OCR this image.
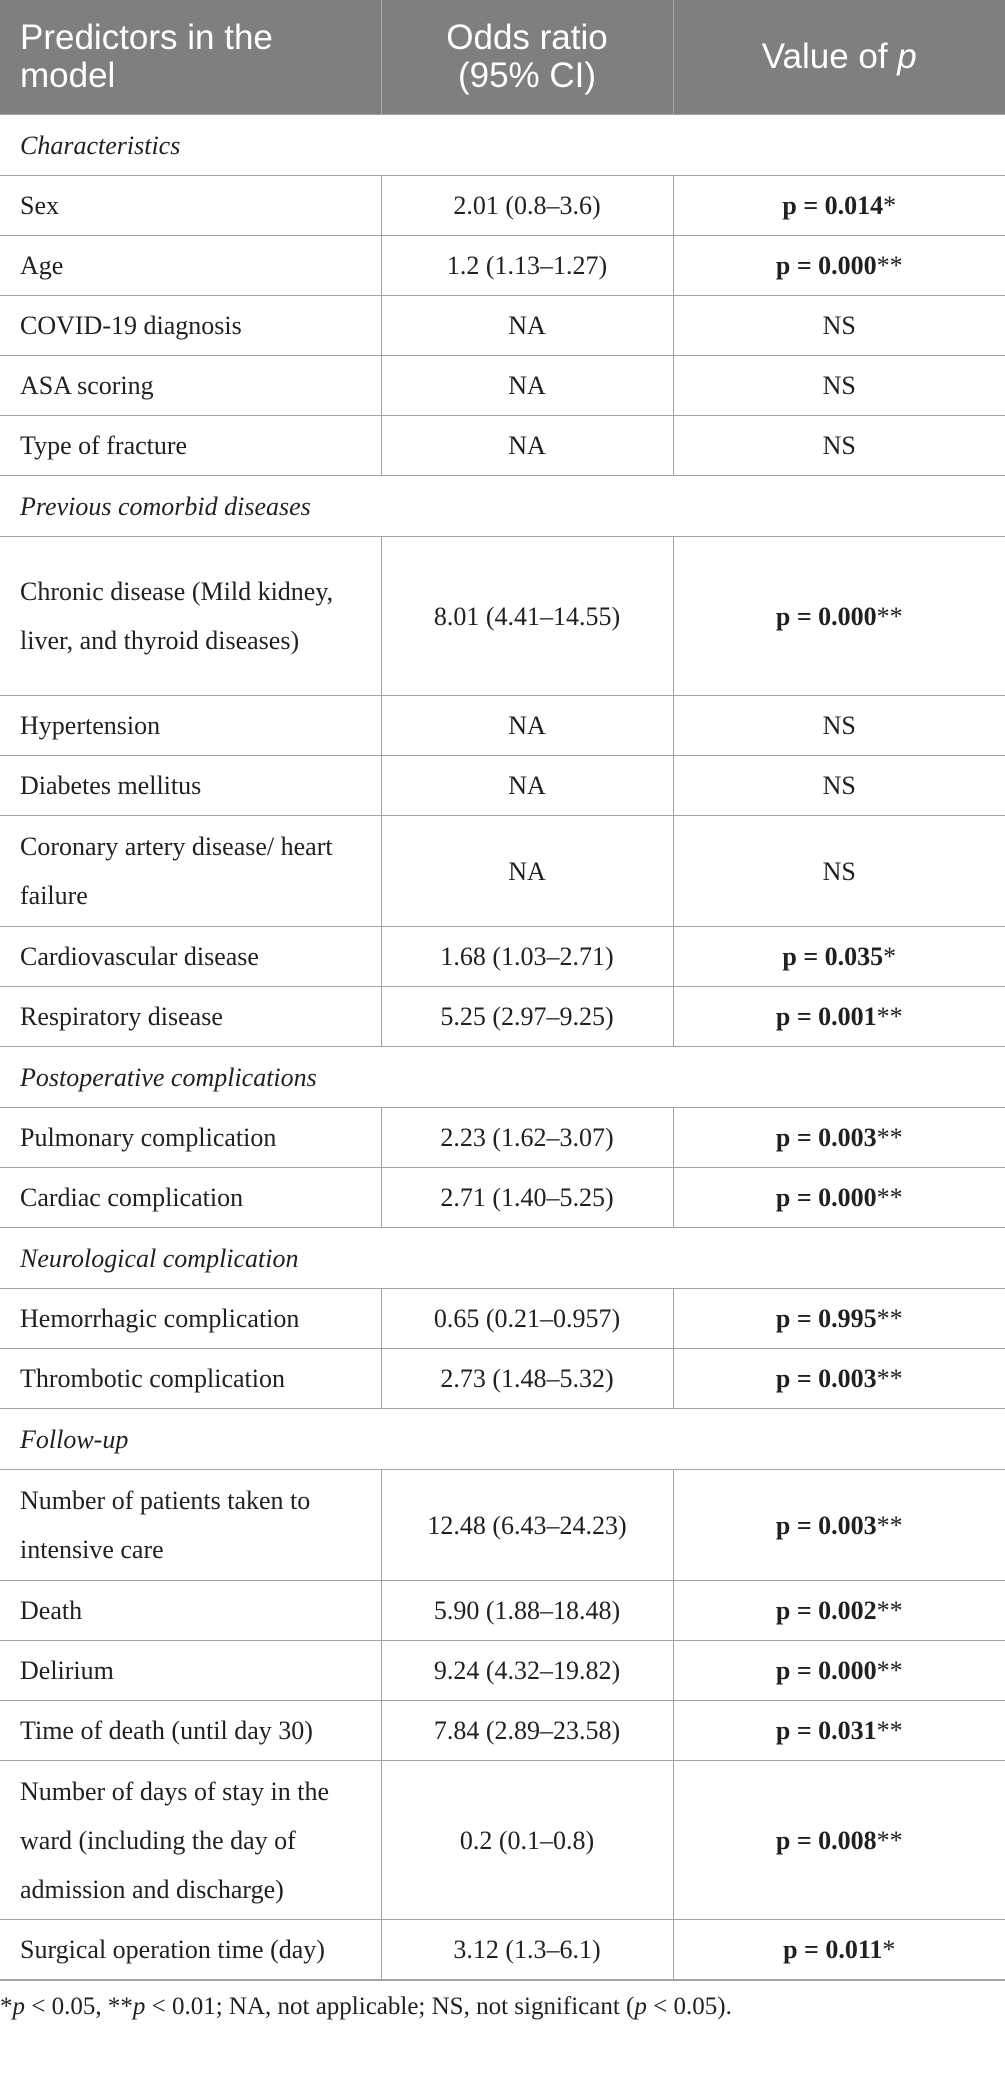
Predictors in the model	Odds ratio (95% CI)	Value of p
Characteristics		
Sex	2.01 (0.8–3.6)	p = 0.014*
Age	1.2 (1.13–1.27)	p = 0.000**
COVID-19 diagnosis	NA	NS
ASA scoring	NA	NS
Type of fracture	NA	NS
Previous comorbid diseases		
Chronic disease (Mild kidney, liver, and thyroid diseases)	8.01 (4.41–14.55)	p = 0.000**
Hypertension	NA	NS
Diabetes mellitus	NA	NS
Coronary artery disease/ heart failure	NA	NS
Cardiovascular disease	1.68 (1.03–2.71)	p = 0.035*
Respiratory disease	5.25 (2.97–9.25)	p = 0.001**
Postoperative complications		
Pulmonary complication	2.23 (1.62–3.07)	p = 0.003**
Cardiac complication	2.71 (1.40–5.25)	p = 0.000**
Neurological complication		
Hemorrhagic complication	0.65 (0.21–0.957)	p = 0.995**
Thrombotic complication	2.73 (1.48–5.32)	p = 0.003**
Follow-up		
Number of patients taken to intensive care	12.48 (6.43–24.23)	p = 0.003**
Death	5.90 (1.88–18.48)	p = 0.002**
Delirium	9.24 (4.32–19.82)	p = 0.000**
Time of death (until day 30)	7.84 (2.89–23.58)	p = 0.031**
Number of days of stay in the ward (including the day of admission and discharge)	0.2 (0.1–0.8)	p = 0.008**
Surgical operation time (day)	3.12 (1.3–6.1)	p = 0.011*
*p < 0.05, **p < 0.01; NA, not applicable; NS, not significant (p < 0.05).
